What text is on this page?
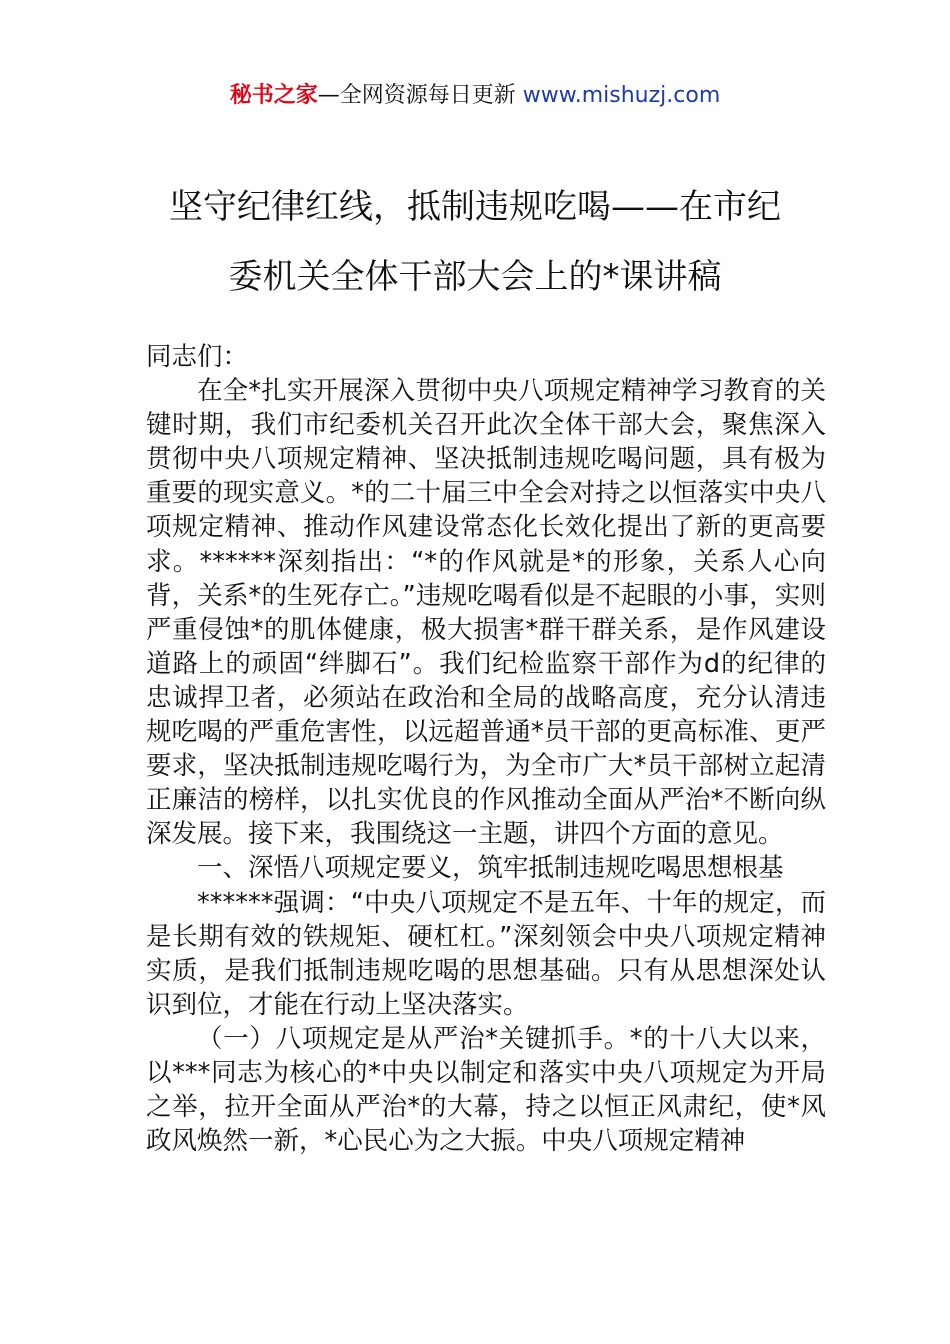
秘书之家—全网资源每日更新 www.mishuzj.com
坚守纪律红线，抵制违规吃喝——在市纪
委机关全体干部大会上的*课讲稿

同志们：

在全*扎实开展深入贯彻中央八项规定精神学习教育的关键时期，我们市纪委机关召开此次全体干部大会，聚焦深入贯彻中央八项规定精神、坚决抵制违规吃喝问题，具有极为重要的现实意义。*的二十届三中全会对持之以恒落实中央八项规定精神、推动作风建设常态化长效化提出了新的更高要求。******深刻指出：“*的作风就是*的形象，关系人心向背，关系*的生死存亡。”违规吃喝看似是不起眼的小事，实则严重侵蚀*的肌体健康，极大损害*群干群关系，是作风建设道路上的顽固“绊脚石”。我们纪检监察干部作为d的纪律的忠诚捍卫者，必须站在政治和全局的战略高度，充分认清违规吃喝的严重危害性，以远超普通*员干部的更高标准、更严要求，坚决抵制违规吃喝行为，为全市广大*员干部树立起清正廉洁的榜样，以扎实优良的作风推动全面从严治*不断向纵深发展。接下来，我围绕这一主题，讲四个方面的意见。

一、深悟八项规定要义，筑牢抵制违规吃喝思想根基

******强调：“中央八项规定不是五年、十年的规定，而是长期有效的铁规矩、硬杠杠。”深刻领会中央八项规定精神实质，是我们抵制违规吃喝的思想基础。只有从思想深处认识到位，才能在行动上坚决落实。

（一）八项规定是从严治*关键抓手。*的十八大以来，以***同志为核心的*中央以制定和落实中央八项规定为开局之举，拉开全面从严治*的大幕，持之以恒正风肃纪，使*风政风焕然一新，*心民心为之大振。中央八项规定精神
